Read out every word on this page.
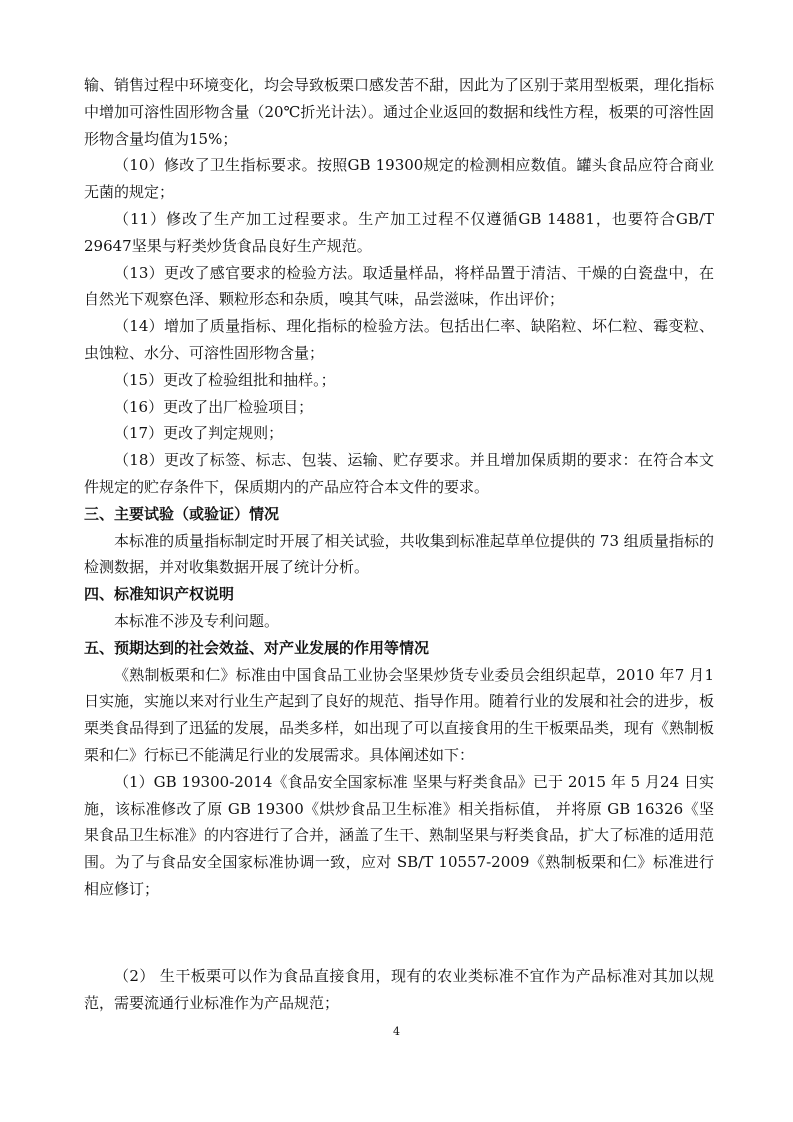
输、销售过程中环境变化，均会导致板栗口感发苦不甜，因此为了区别于菜用型板栗，理化指标中增加可溶性固形物含量（20℃折光计法）。通过企业返回的数据和线性方程，板栗的可溶性固形物含量均值为15%；

（10）修改了卫生指标要求。按照GB 19300规定的检测相应数值。罐头食品应符合商业无菌的规定；

（11）修改了生产加工过程要求。生产加工过程不仅遵循GB 14881，也要符合GB/T 29647坚果与籽类炒货食品良好生产规范。

（13）更改了感官要求的检验方法。取适量样品，将样品置于清洁、干燥的白瓷盘中，在自然光下观察色泽、颗粒形态和杂质，嗅其气味，品尝滋味，作出评价；

（14）增加了质量指标、理化指标的检验方法。包括出仁率、缺陷粒、坏仁粒、霉变粒、虫蚀粒、水分、可溶性固形物含量；

（15）更改了检验组批和抽样。；

（16）更改了出厂检验项目；

（17）更改了判定规则；

（18）更改了标签、标志、包装、运输、贮存要求。并且增加保质期的要求：在符合本文件规定的贮存条件下，保质期内的产品应符合本文件的要求。

三、主要试验（或验证）情况

本标准的质量指标制定时开展了相关试验，共收集到标准起草单位提供的 73 组质量指标的检测数据，并对收集数据开展了统计分析。

四、标准知识产权说明

本标准不涉及专利问题。

五、预期达到的社会效益、对产业发展的作用等情况

《熟制板栗和仁》标准由中国食品工业协会坚果炒货专业委员会组织起草，2010 年7 月1 日实施，实施以来对行业生产起到了良好的规范、指导作用。随着行业的发展和社会的进步，板栗类食品得到了迅猛的发展，品类多样，如出现了可以直接食用的生干板栗品类，现有《熟制板栗和仁》行标已不能满足行业的发展需求。具体阐述如下：

（1）GB 19300-2014《食品安全国家标准 坚果与籽类食品》已于 2015 年 5 月24 日实施，该标准修改了原 GB 19300《烘炒食品卫生标准》相关指标值， 并将原 GB 16326《坚果食品卫生标准》的内容进行了合并，涵盖了生干、熟制坚果与籽类食品，扩大了标准的适用范围。为了与食品安全国家标准协调一致，应对 SB/T 10557-2009《熟制板栗和仁》标准进行相应修订；

（2） 生干板栗可以作为食品直接食用，现有的农业类标准不宜作为产品标准对其加以规范，需要流通行业标准作为产品规范；

4
